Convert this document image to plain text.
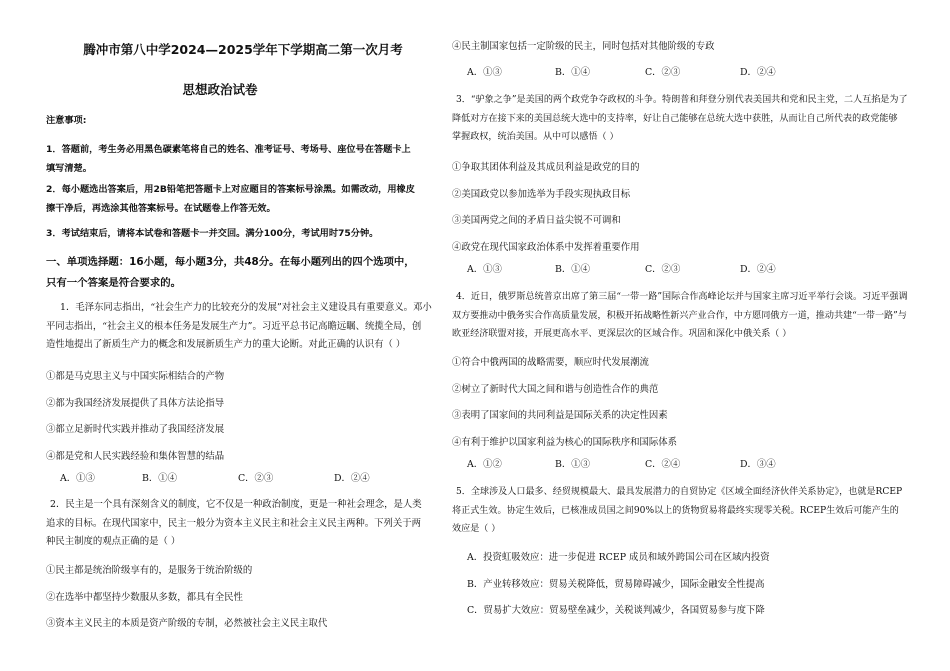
腾冲市第八中学2024—2025学年下学期高二第一次月考
思想政治试卷
注意事项:
1．答题前，考生务必用黑色碳素笔将自己的姓名、准考证号、考场号、座位号在答题卡上
填写清楚。
2．每小题选出答案后，用2B铅笔把答题卡上对应题目的答案标号涂黑。如需改动，用橡皮
擦干净后，再选涂其他答案标号。在试题卷上作答无效。
3．考试结束后，请将本试卷和答题卡一并交回。满分100分，考试用时75分钟。
一、单项选择题：16小题，每小题3分，共48分。在每小题列出的四个选项中，
只有一个答案是符合要求的。
1．毛泽东同志指出，“社会生产力的比较充分的发展”对社会主义建设具有重要意义。邓小
平同志指出，“社会主义的根本任务是发展生产力”。习近平总书记高瞻远瞩、统揽全局，创
造性地提出了新质生产力的概念和发展新质生产力的重大论断。对此正确的认识有（ ）
①都是马克思主义与中国实际相结合的产物
②都为我国经济发展提供了具体方法论指导
③都立足新时代实践并推动了我国经济发展
④都是党和人民实践经验和集体智慧的结晶
A．①③	B．①④	C．②③	D．②④
2．民主是一个具有深刻含义的制度，它不仅是一种政治制度，更是一种社会理念，是人类
追求的目标。在现代国家中，民主一般分为资本主义民主和社会主义民主两种。下列关于两
种民主制度的观点正确的是（ ）
①民主都是统治阶级享有的，是服务于统治阶级的
②在选举中都坚持少数服从多数，都具有全民性
③资本主义民主的本质是资产阶级的专制，必然被社会主义民主取代
④民主制国家包括一定阶级的民主，同时包括对其他阶级的专政
A．①③	B．①④	C．②③	D．②④
3．“驴象之争”是美国的两个政党争夺政权的斗争。特朗普和拜登分别代表美国共和党和民主党，二人互掐是为了
降低对方在接下来的美国总统大选中的支持率，好让自己能够在总统大选中获胜，从而让自己所代表的政党能够
掌握政权，统治美国。从中可以感悟（ ）
①争取其团体利益及其成员利益是政党的目的
②美国政党以参加选举为手段实现执政目标
③美国两党之间的矛盾日益尖锐不可调和
④政党在现代国家政治体系中发挥着重要作用
A．①③	B．①④	C．②③	D．②④
4．近日，俄罗斯总统普京出席了第三届“一带一路”国际合作高峰论坛并与国家主席习近平举行会谈。习近平强调
双方要推动中俄务实合作高质量发展，积极开拓战略性新兴产业合作，中方愿同俄方一道，推动共建“一带一路”与
欧亚经济联盟对接，开展更高水平、更深层次的区域合作。巩固和深化中俄关系（ ）
①符合中俄两国的战略需要，顺应时代发展潮流
②树立了新时代大国之间和谐与创造性合作的典范
③表明了国家间的共同利益是国际关系的决定性因素
④有利于维护以国家利益为核心的国际秩序和国际体系
A．①②	B．①③	C．②④	D．③④
5．全球涉及人口最多、经贸规模最大、最具发展潜力的自贸协定《区域全面经济伙伴关系协定》，也就是RCEP
将正式生效。协定生效后，已核准成员国之间90%以上的货物贸易将最终实现零关税。RCEP生效后可能产生的
效应是（ ）
A．投资虹吸效应：进一步促进 RCEP 成员和域外跨国公司在区域内投资
B．产业转移效应：贸易关税降低，贸易障碍减少，国际金融安全性提高
C．贸易扩大效应：贸易壁垒减少，关税谈判减少，各国贸易参与度下降
